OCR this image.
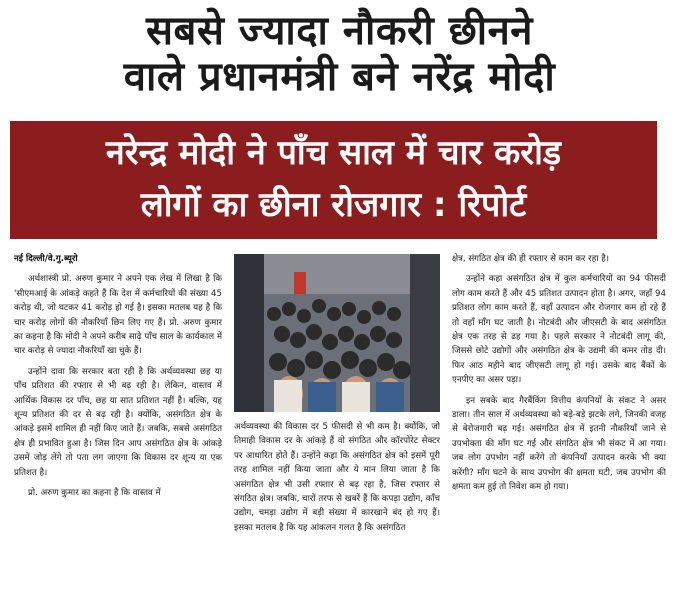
सबसे ज्यादा नौकरी छीनने
वाले प्रधानमंत्री बने नरेंद्र मोदी
नरेन्द्र मोदी ने पाँच साल में चार करोड़
लोगों का छीना रोजगार : रिपोर्ट

नई दिल्ली/वे.गु.ब्यूरो

अर्थशास्त्री प्रो. अरुण कुमार ने अपने एक लेख में लिखा है कि 'सीएमआई के आंकड़े कहते हैं कि देश में कर्मचारियों की संख्या 45 करोड़ थी, जो घटकर 41 करोड़ हो गई है। इसका मतलब यह है कि चार करोड़ लोगों की नौकरियाँ छिन लिए गए हैं। प्रो. अरुण कुमार का कहना है कि मोदी ने अपने करीब साढ़े पाँच साल के कार्यकाल में चार करोड़ से ज्यादा नौकरियाँ खा चुके हैं।

उन्होंने दावा कि सरकार बता रही है कि अर्थव्यवस्था छह या पाँच प्रतिशत की रफ्तार से भी बढ़ रही है। लेकिन, वास्तव में आर्थिक विकास दर पाँच, छह या सात प्रतिशत नहीं है। बल्कि, यह शून्य प्रतिशत की दर से बढ़ रही है। क्योंकि, असंगठित क्षेत्र के आंकड़े इसमें शामिल ही नहीं किए जाते हैं। जबकि, सबसे असंगठित क्षेत्र ही प्रभावित हुआ है। जिस दिन आप असंगठित क्षेत्र के आंकड़े उसमें जोड़ लेंगे तो पता लग जाएगा कि विकास दर शून्य या एक प्रतिशत है।

प्रो. अरुण कुमार का कहना है कि वास्तव में

अर्थव्यवस्था की विकास दर 5 फीसदी से भी कम है। क्योंकि, जो तिमाही विकास दर के आंकड़े हैं वो संगठित और कॉरपोरेट सेक्टर पर आधारित होते हैं। उन्होंने कहा कि असंगठित क्षेत्र को इसमें पूरी तरह शामिल नहीं किया जाता और ये मान लिया जाता है कि असंगठित क्षेत्र भी उसी रफ्तार से बढ़ रहा है, जिस रफ्तार से संगठित क्षेत्र। जबकि, चारों तरफ से खबरें हैं कि कपड़ा उद्योग, काँच उद्योग, चमड़ा उद्योग में बड़ी संख्या में कारखाने बंद हो गए हैं। इसका मतलब है कि यह आंकलन गलत है कि असंगठित

क्षेत्र, संगठित क्षेत्र की ही रफ्तार से काम कर रहा है।

उन्होंने कहा असंगठित क्षेत्र में कुल कर्मचारियों का 94 फीसदी लोग काम करते हैं और 45 प्रतिशत उत्पादन होता है। अगर, जहाँ 94 प्रतिशत लोग काम करते हैं, वहाँ उत्पादन और रोजगार कम हो रहे हैं तो वहाँ माँग घट जाती है। नोटबंदी और जीएसटी के बाद असंगठित क्षेत्र एक तरह से ढह गया है। पहले सरकार ने नोटबंदी लागू की, जिससे छोटे उद्योगों और असंगठित क्षेत्र के उद्यमी की कमर तोड़ दी। फिर आठ महीने बाद जीएसटी लागू हो गई। उसके बाद बैंकों के एनपीए का असर पड़ा।

इन सबके बाद गैरबैंकिंग वित्तीय कंपनियों के संकट ने असर डाला। तीन साल में अर्थव्यवस्था को बड़े-बड़े झटके लगे, जिनकी वजह से बेरोजगारी बढ़ गई। असंगठित क्षेत्र में इतनी नौकरियाँ जाने से उपभोक्ता की माँग घट गई और संगठित क्षेत्र भी संकट में आ गया। जब लोग उपभोग नहीं करेंगे तो कंपनियाँ उत्पादन करके भी क्या करेंगी? माँग घटने के साथ उपभोग की क्षमता घटी, जब उपभोग की क्षमता कम हुई तो निवेश कम हो गया।
